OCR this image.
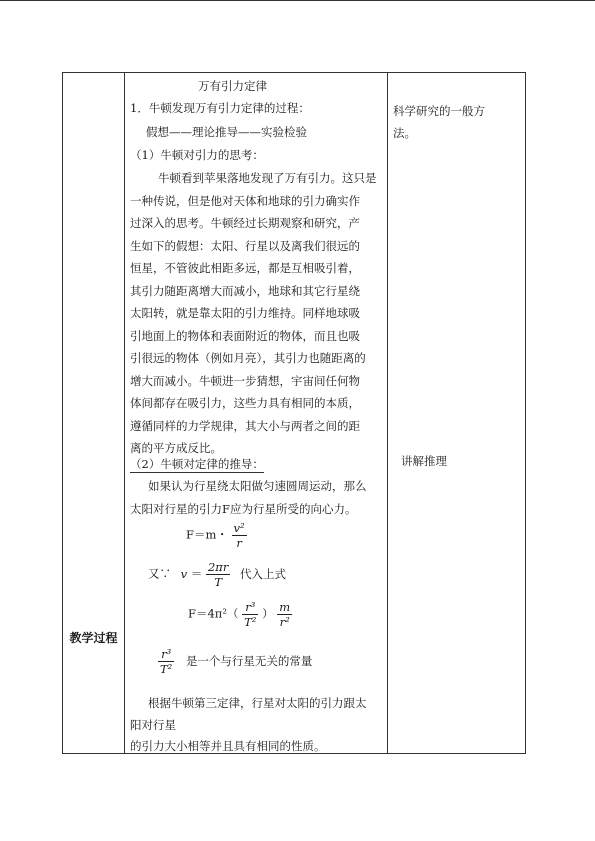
教学过程
万有引力定律
1．牛顿发现万有引力定律的过程：
假想——理论推导——实验检验
（1）牛顿对引力的思考：
牛顿看到苹果落地发现了万有引力。这只是
一种传说，但是他对天体和地球的引力确实作
过深入的思考。牛顿经过长期观察和研究，产
生如下的假想：太阳、行星以及离我们很远的
恒星，不管彼此相距多远，都是互相吸引着，
其引力随距离增大而减小，地球和其它行星绕
太阳转，就是靠太阳的引力维持。同样地球吸
引地面上的物体和表面附近的物体，而且也吸
引很远的物体（例如月亮），其引力也随距离的
增大而减小。牛顿进一步猜想，宇宙间任何物
体间都存在吸引力，这些力具有相同的本质，
遵循同样的力学规律，其大小与两者之间的距
离的平方成反比。
（2）牛顿对定律的推导：
如果认为行星绕太阳做匀速圆周运动，那么
太阳对行星的引力F应为行星所受的向心力。
F＝m・ $\frac{\text{v²}}{r}$
又∵ $v = \frac{2\pi r}{T}$ 代入上式
$F=4\pi^2( \frac{\text{r³}}{\text{T²}}$ ） $\frac{m}{\text{r²}}$
$\frac{\text{r³}}{\text{T²}}$ 是一个与行星无关的常量
根据牛顿第三定律，行星对太阳的引力跟太
阳对行星
的引力大小相等并且具有相同的性质。
科学研究的一般方
法。
讲解推理
